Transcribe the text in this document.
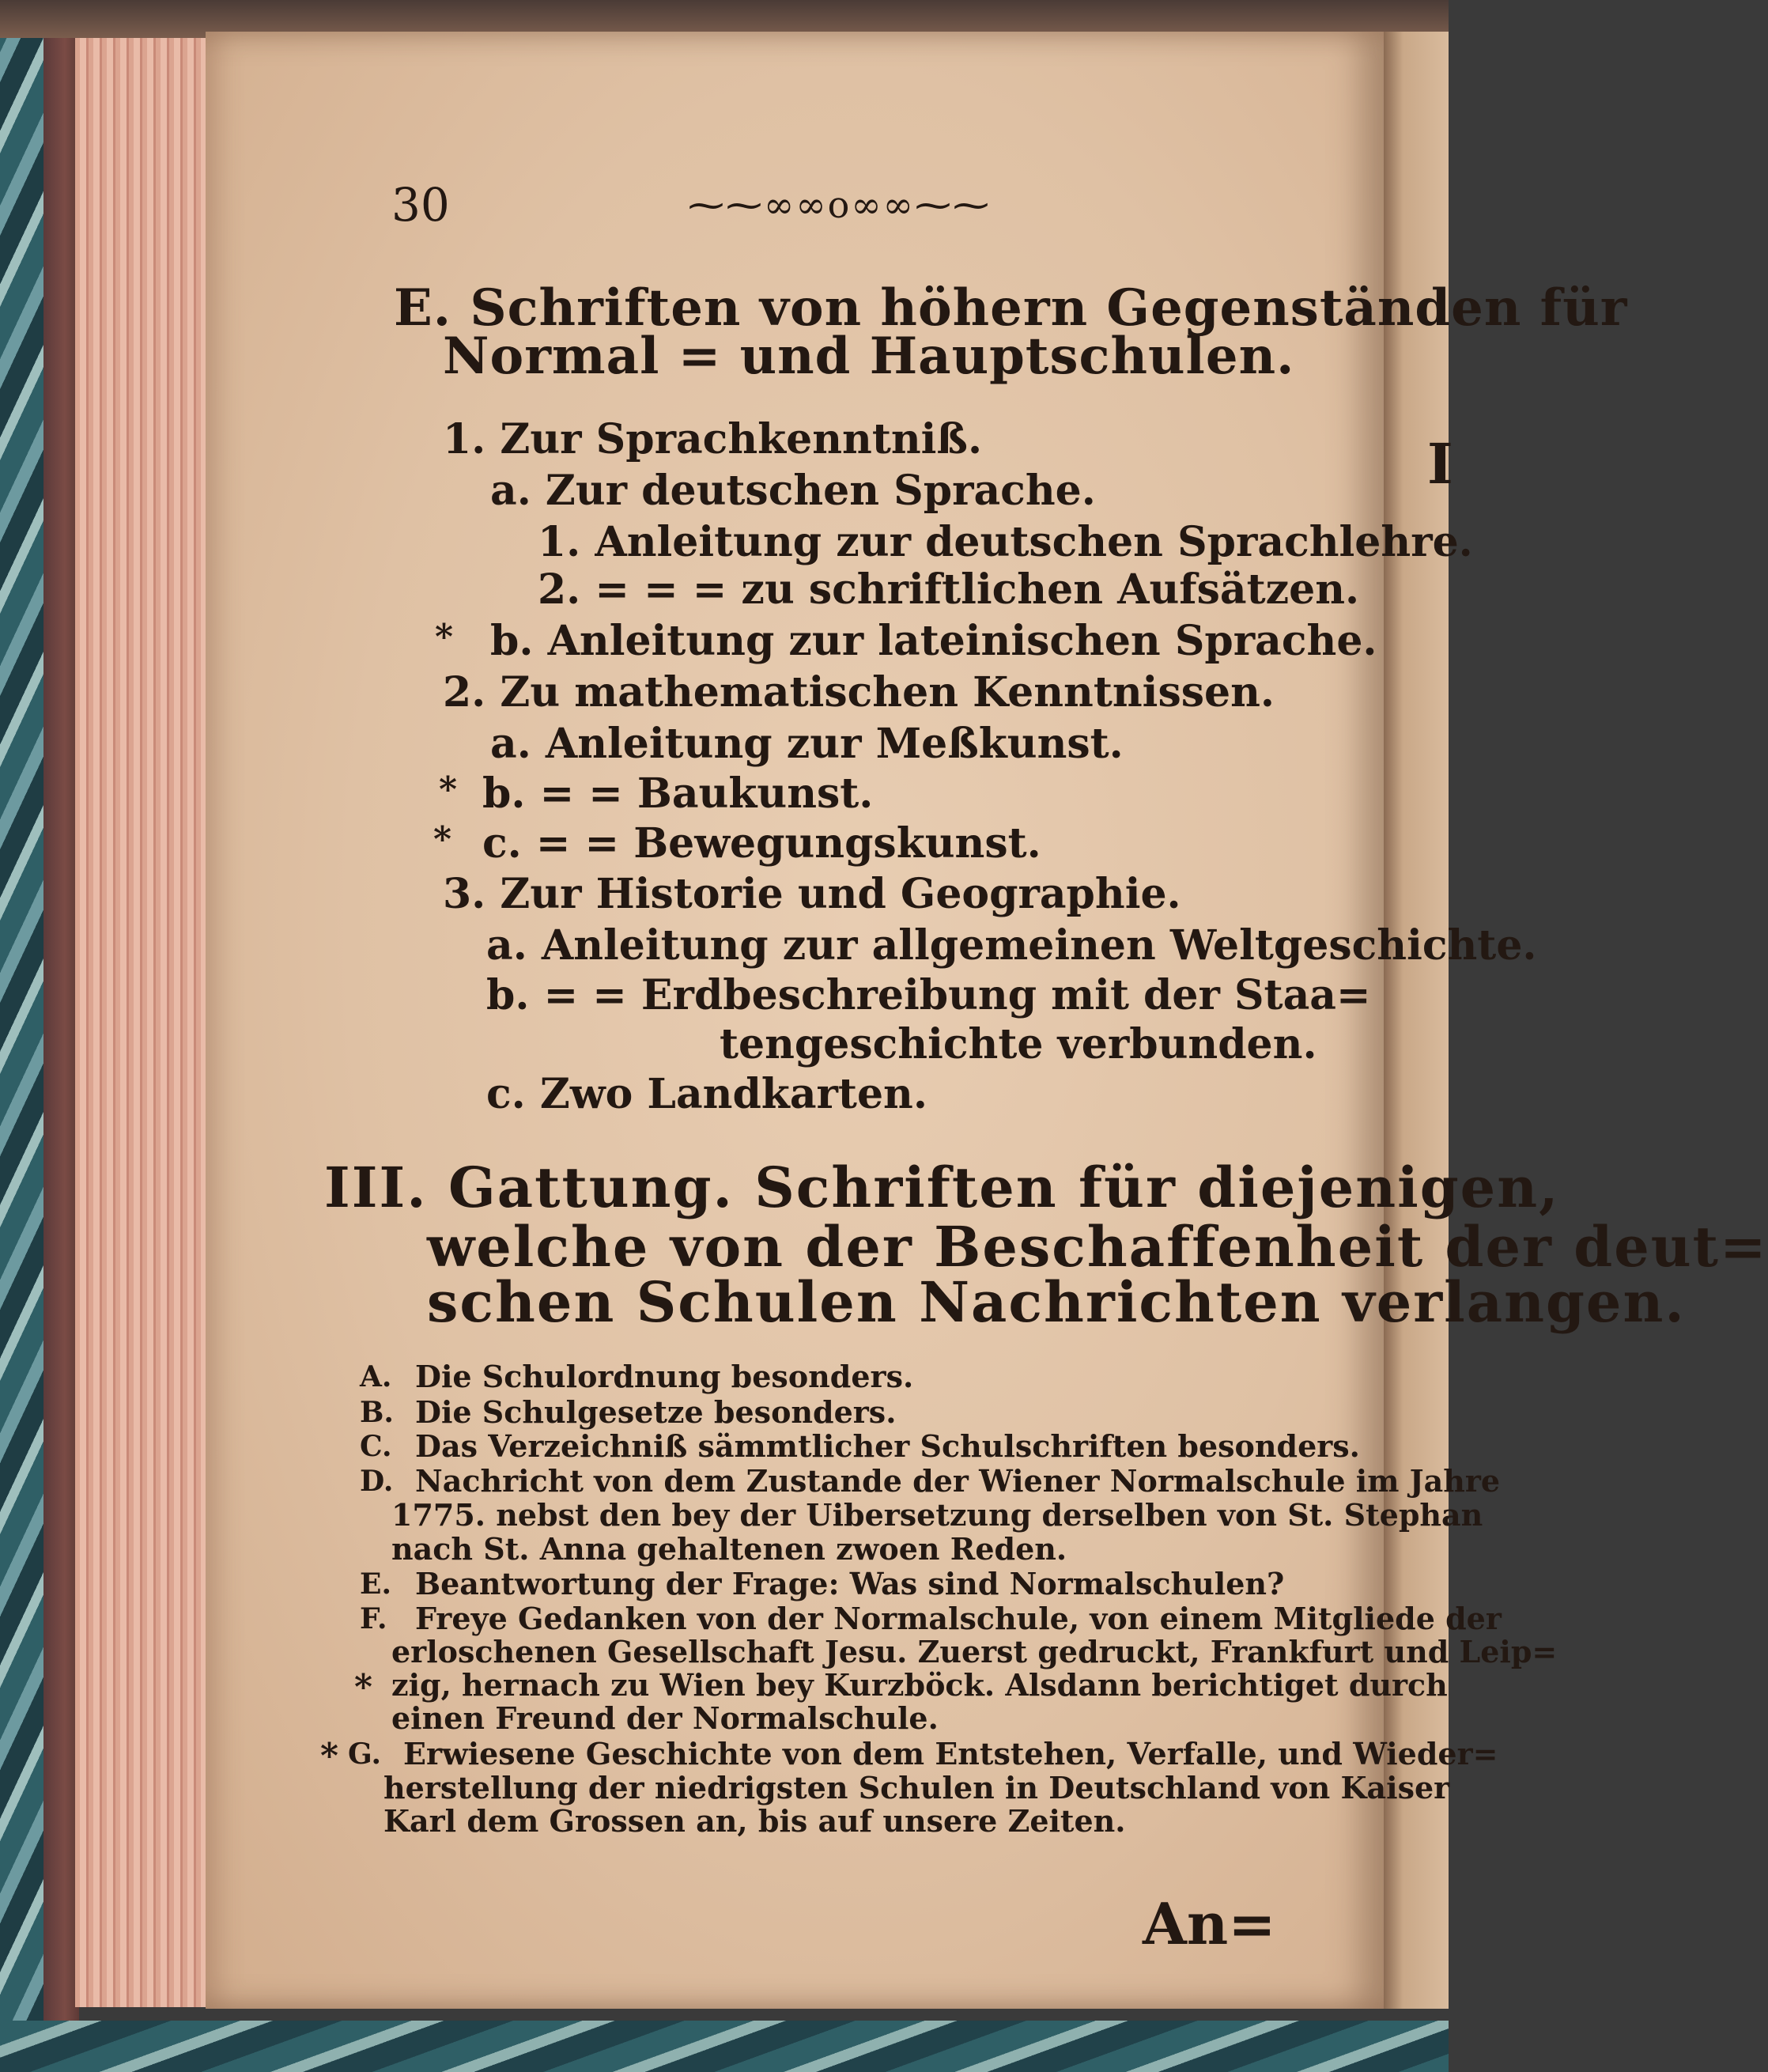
I
30	⁓⁓∞∞o∞∞⁓⁓
E. Schriften von höhern Gegenständen für
Normal = und Hauptschulen.
1. Zur Sprachkenntniß.
a. Zur deutschen Sprache.
1. Anleitung zur deutschen Sprachlehre.
2. = = = zu schriftlichen Aufsätzen.
* b. Anleitung zur lateinischen Sprache.
2. Zu mathematischen Kenntnissen.
a. Anleitung zur Meßkunst.
* b. = = Baukunst.
* c. = = Bewegungskunst.
3. Zur Historie und Geographie.
a. Anleitung zur allgemeinen Weltgeschichte.
b. = = Erdbeschreibung mit der Staa=
tengeschichte verbunden.
c. Zwo Landkarten.
III. Gattung. Schriften für diejenigen,
welche von der Beschaffenheit der deut=
schen Schulen Nachrichten verlangen.
A. Die Schulordnung besonders.
B. Die Schulgesetze besonders.
C. Das Verzeichniß sämmtlicher Schulschriften besonders.
D. Nachricht von dem Zustande der Wiener Normalschule im Jahre
1775. nebst den bey der Uibersetzung derselben von St. Stephan
nach St. Anna gehaltenen zwoen Reden.
E. Beantwortung der Frage: Was sind Normalschulen?
F. Freye Gedanken von der Normalschule, von einem Mitgliede der
erloschenen Gesellschaft Jesu. Zuerst gedruckt, Frankfurt und Leip=
* zig, hernach zu Wien bey Kurzböck. Alsdann berichtiget durch
einen Freund der Normalschule.
* G. Erwiesene Geschichte von dem Entstehen, Verfalle, und Wieder=
herstellung der niedrigsten Schulen in Deutschland von Kaiser
Karl dem Grossen an, bis auf unsere Zeiten.
An=
